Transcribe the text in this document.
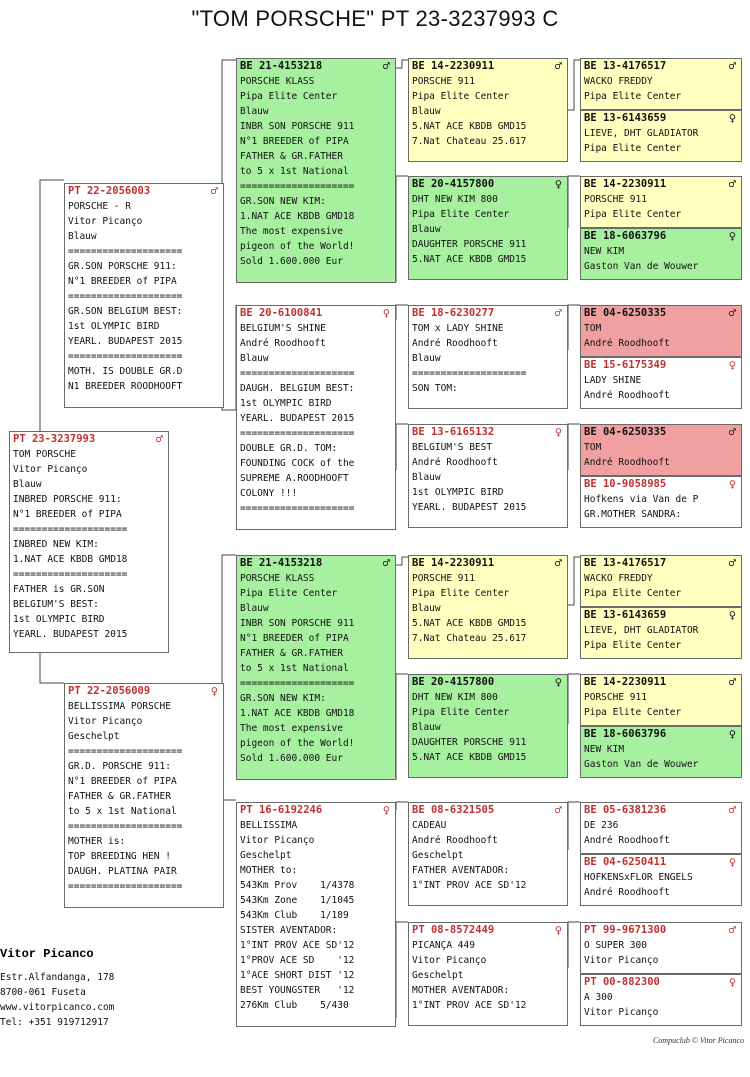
"TOM PORSCHE" PT 23-3237993 C
PT 23-3237993	♂
TOM PORSCHE
Vitor Picanço
Blauw
INBRED PORSCHE 911:
N°1 BREEDER of PIPA
====================
INBRED NEW KIM:
1.NAT ACE KBDB GMD18
====================
FATHER is GR.SON
BELGIUM'S BEST:
1st OLYMPIC BIRD
YEARL. BUDAPEST 2015
PT 22-2056003	♂
PORSCHE - R
Vitor Picanço
Blauw
====================
GR.SON PORSCHE 911:
N°1 BREEDER of PIPA
====================
GR.SON BELGIUM BEST:
1st OLYMPIC BIRD
YEARL. BUDAPEST 2015
====================
MOTH. IS DOUBLE GR.D
N1 BREEDER ROODHOOFT
PT 22-2056009	♀
BELLISSIMA PORSCHE
Vitor Picanço
Geschelpt
====================
GR.D. PORSCHE 911:
N°1 BREEDER of PIPA
FATHER & GR.FATHER
to 5 x 1st National
====================
MOTHER is:
TOP BREEDING HEN !
DAUGH. PLATINA PAIR
====================
BE 21-4153218	♂
PORSCHE KLASS
Pipa Elite Center
Blauw
INBR SON PORSCHE 911
N°1 BREEDER of PIPA
FATHER & GR.FATHER
to 5 x 1st National
====================
GR.SON NEW KIM:
1.NAT ACE KBDB GMD18
The most expensive
pigeon of the World!
Sold 1.600.000 Eur
BE 20-6100841	♀
BELGIUM'S SHINE
André Roodhooft
Blauw
====================
DAUGH. BELGIUM BEST:
1st OLYMPIC BIRD
YEARL. BUDAPEST 2015
====================
DOUBLE GR.D. TOM:
FOUNDING COCK of the
SUPREME A.ROODHOOFT
COLONY !!!
====================
BE 21-4153218	♂
PORSCHE KLASS
Pipa Elite Center
Blauw
INBR SON PORSCHE 911
N°1 BREEDER of PIPA
FATHER & GR.FATHER
to 5 x 1st National
====================
GR.SON NEW KIM:
1.NAT ACE KBDB GMD18
The most expensive
pigeon of the World!
Sold 1.600.000 Eur
PT 16-6192246	♀
BELLISSIMA
Vitor Picanço
Geschelpt
MOTHER to:
543Km Prov    1/4378
543Km Zone    1/1045
543Km Club    1/189
SISTER AVENTADOR:
1°INT PROV ACE SD'12
1°PROV ACE SD    '12
1°ACE SHORT DIST '12
BEST YOUNGSTER   '12
276Km Club    5/430
BE 14-2230911	♂
PORSCHE 911
Pipa Elite Center
Blauw
5.NAT ACE KBDB GMD15
7.Nat Chateau 25.617
BE 20-4157800	♀
DHT NEW KIM 800
Pipa Elite Center
Blauw
DAUGHTER PORSCHE 911
5.NAT ACE KBDB GMD15
BE 18-6230277	♂
TOM x LADY SHINE
André Roodhooft
Blauw
====================
SON TOM:
BE 13-6165132	♀
BELGIUM'S BEST
André Roodhooft
Blauw
1st OLYMPIC BIRD
YEARL. BUDAPEST 2015
BE 14-2230911	♂
PORSCHE 911
Pipa Elite Center
Blauw
5.NAT ACE KBDB GMD15
7.Nat Chateau 25.617
BE 20-4157800	♀
DHT NEW KIM 800
Pipa Elite Center
Blauw
DAUGHTER PORSCHE 911
5.NAT ACE KBDB GMD15
BE 08-6321505	♂
CADEAU
André Roodhooft
Geschelpt
FATHER AVENTADOR:
1°INT PROV ACE SD'12
PT 08-8572449	♀
PICANÇA 449
Vitor Picanço
Geschelpt
MOTHER AVENTADOR:
1°INT PROV ACE SD'12
BE 13-4176517	♂
WACKO FREDDY
Pipa Elite Center
BE 13-6143659	♀
LIEVE, DHT GLADIATOR
Pipa Elite Center
BE 14-2230911	♂
PORSCHE 911
Pipa Elite Center
BE 18-6063796	♀
NEW KIM
Gaston Van de Wouwer
BE 04-6250335	♂
TOM
André Roodhooft
BE 15-6175349	♀
LADY SHINE
André Roodhooft
BE 04-6250335	♂
TOM
André Roodhooft
BE 10-9058985	♀
Hofkens via Van de P
GR.MOTHER SANDRA:
BE 13-4176517	♂
WACKO FREDDY
Pipa Elite Center
BE 13-6143659	♀
LIEVE, DHT GLADIATOR
Pipa Elite Center
BE 14-2230911	♂
PORSCHE 911
Pipa Elite Center
BE 18-6063796	♀
NEW KIM
Gaston Van de Wouwer
BE 05-6381236	♂
DE 236
André Roodhooft
BE 04-6250411	♀
HOFKENSxFLOR ENGELS
André Roodhooft
PT 99-9671300	♂
O SUPER 300
Vitor Picanço
PT 00-882300	♀
A 300
Vitor Picanço
Vitor Picanco
Estr.Alfandanga, 178
8700-061 Fuseta
www.vitorpicanco.com
Tel: +351 919712917
Compuclub © Vitor Picanco
